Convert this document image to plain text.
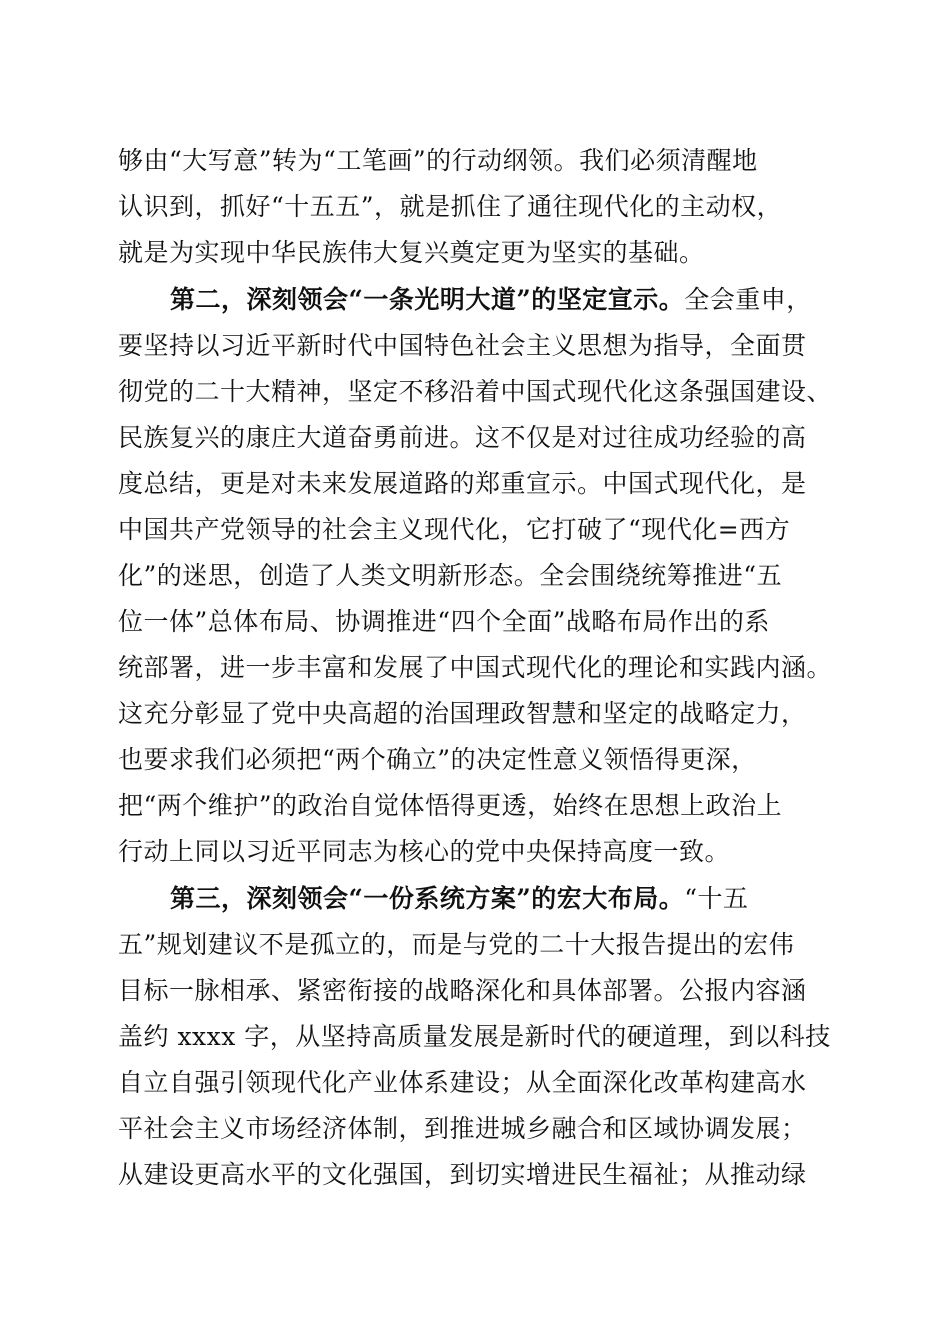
够由“大写意”转为“工笔画”的行动纲领。我们必须清醒地
认识到，抓好“十五五”，就是抓住了通往现代化的主动权，
就是为实现中华民族伟大复兴奠定更为坚实的基础。
第二，深刻领会“一条光明大道”的坚定宣示。全会重申，
要坚持以习近平新时代中国特色社会主义思想为指导，全面贯
彻党的二十大精神，坚定不移沿着中国式现代化这条强国建设、
民族复兴的康庄大道奋勇前进。这不仅是对过往成功经验的高
度总结，更是对未来发展道路的郑重宣示。中国式现代化，是
中国共产党领导的社会主义现代化，它打破了“现代化=西方
化”的迷思，创造了人类文明新形态。全会围绕统筹推进“五
位一体”总体布局、协调推进“四个全面”战略布局作出的系
统部署，进一步丰富和发展了中国式现代化的理论和实践内涵。
这充分彰显了党中央高超的治国理政智慧和坚定的战略定力，
也要求我们必须把“两个确立”的决定性意义领悟得更深，
把“两个维护”的政治自觉体悟得更透，始终在思想上政治上
行动上同以习近平同志为核心的党中央保持高度一致。
第三，深刻领会“一份系统方案”的宏大布局。“十五
五”规划建议不是孤立的，而是与党的二十大报告提出的宏伟
目标一脉相承、紧密衔接的战略深化和具体部署。公报内容涵
盖约 xxxx 字，从坚持高质量发展是新时代的硬道理，到以科技
自立自强引领现代化产业体系建设；从全面深化改革构建高水
平社会主义市场经济体制，到推进城乡融合和区域协调发展；
从建设更高水平的文化强国，到切实增进民生福祉；从推动绿
